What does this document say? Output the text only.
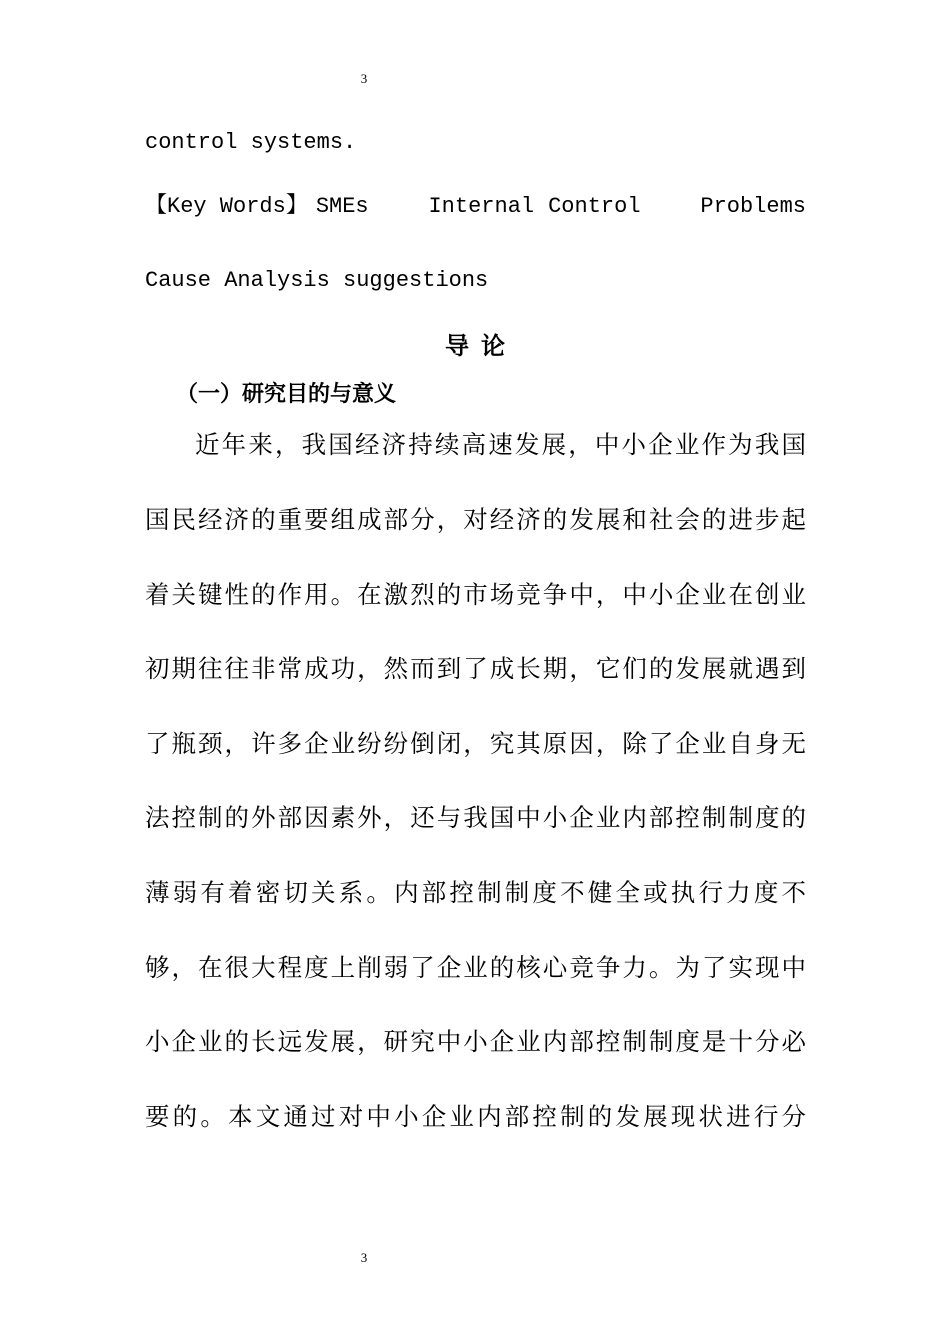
3
control systems.
【Key Words】 SMEs	Internal Control	Problems
Cause Analysis suggestions
导论
（一）研究目的与意义
近年来，我国经济持续高速发展，中小企业作为我国
国民经济的重要组成部分，对经济的发展和社会的进步起
着关键性的作用。在激烈的市场竞争中，中小企业在创业
初期往往非常成功，然而到了成长期，它们的发展就遇到
了瓶颈，许多企业纷纷倒闭，究其原因，除了企业自身无
法控制的外部因素外，还与我国中小企业内部控制制度的
薄弱有着密切关系。内部控制制度不健全或执行力度不
够，在很大程度上削弱了企业的核心竞争力。为了实现中
小企业的长远发展，研究中小企业内部控制制度是十分必
要的。本文通过对中小企业内部控制的发展现状进行分
3
